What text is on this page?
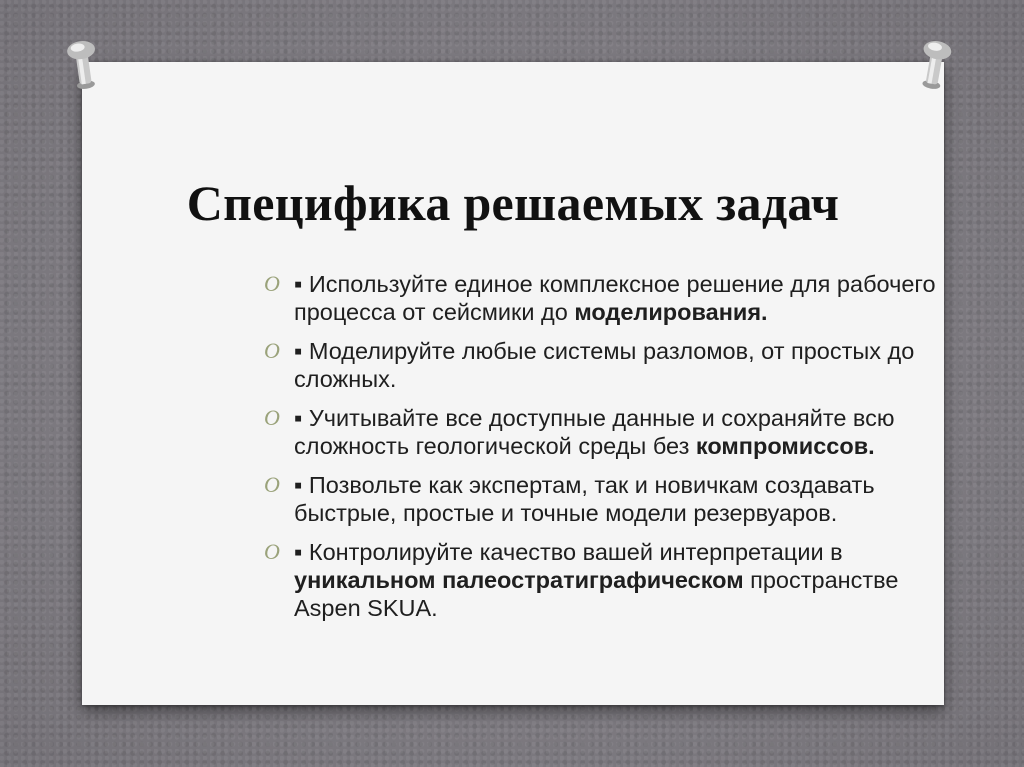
Специфика решаемых задач
O ▪ Используйте единое комплексное решение для рабочего процесса от сейсмики до моделирования.
O ▪ Моделируйте любые системы разломов, от простых до сложных.
O ▪ Учитывайте все доступные данные и сохраняйте всю сложность геологической среды без компромиссов.
O ▪ Позвольте как экспертам, так и новичкам создавать быстрые, простые и точные модели резервуаров.
O ▪ Контролируйте качество вашей интерпретации в уникальном палеостратиграфическом пространстве Aspen SKUA.
